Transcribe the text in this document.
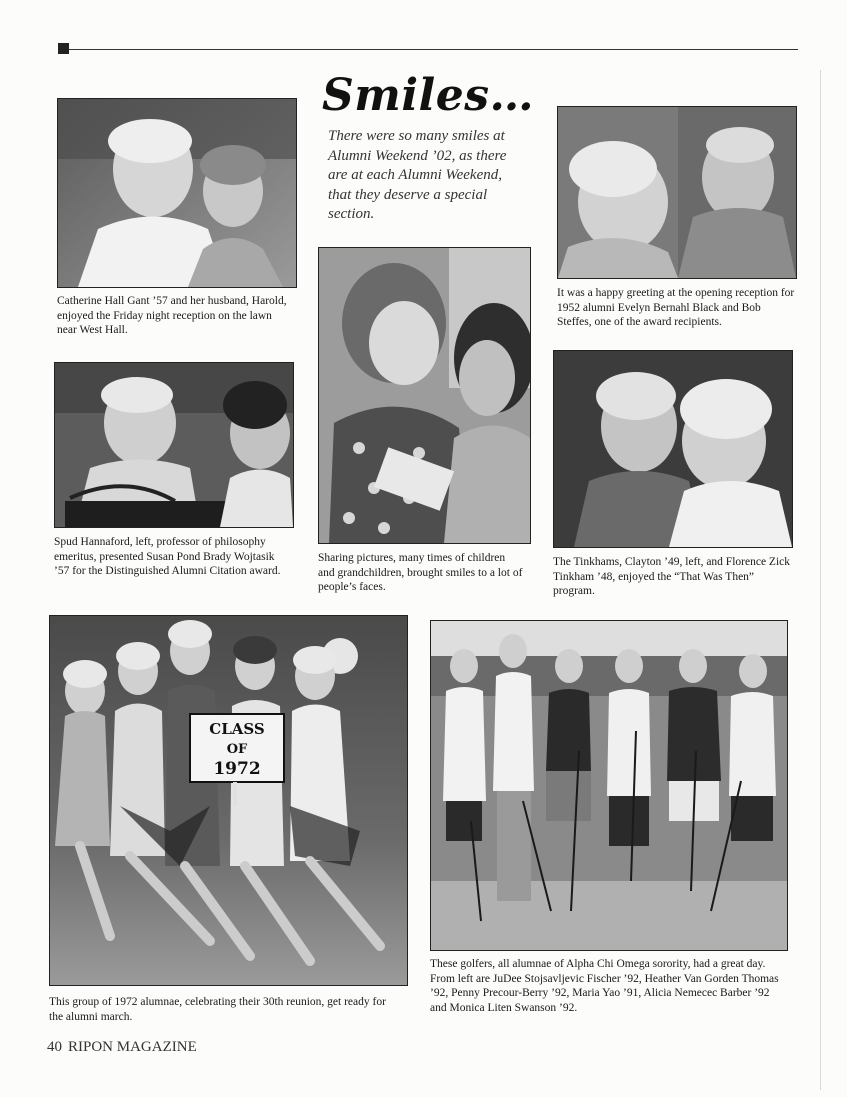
Smiles…

There were so many smiles at Alumni Weekend ’02, as there are at each Alumni Weekend, that they deserve a special section.

Catherine Hall Gant ’57 and her husband, Harold, enjoyed the Friday night reception on the lawn near West Hall.

It was a happy greeting at the opening reception for 1952 alumni Evelyn Bernahl Black and Bob Steffes, one of the award recipients.

Sharing pictures, many times of children and grandchildren, brought smiles to a lot of people’s faces.

Spud Hannaford, left, professor of philosophy emeritus, presented Susan Pond Brady Wojtasik ’57 for the Distinguished Alumni Citation award.

The Tinkhams, Clayton ’49, left, and Florence Zick Tinkham ’48, enjoyed the “That Was Then” program.

CLASS
OF
1972

This group of 1972 alumnae, celebrating their 30th reunion, get ready for the alumni march.

These golfers, all alumnae of Alpha Chi Omega sorority, had a great day. From left are JuDee Stojsavljevic Fischer ’92, Heather Van Gorden Thomas ’92, Penny Precour-Berry ’92, Maria Yao ’91, Alicia Nemecec Barber ’92 and Monica Liten Swanson ’92.

40 RIPON MAGAZINE
